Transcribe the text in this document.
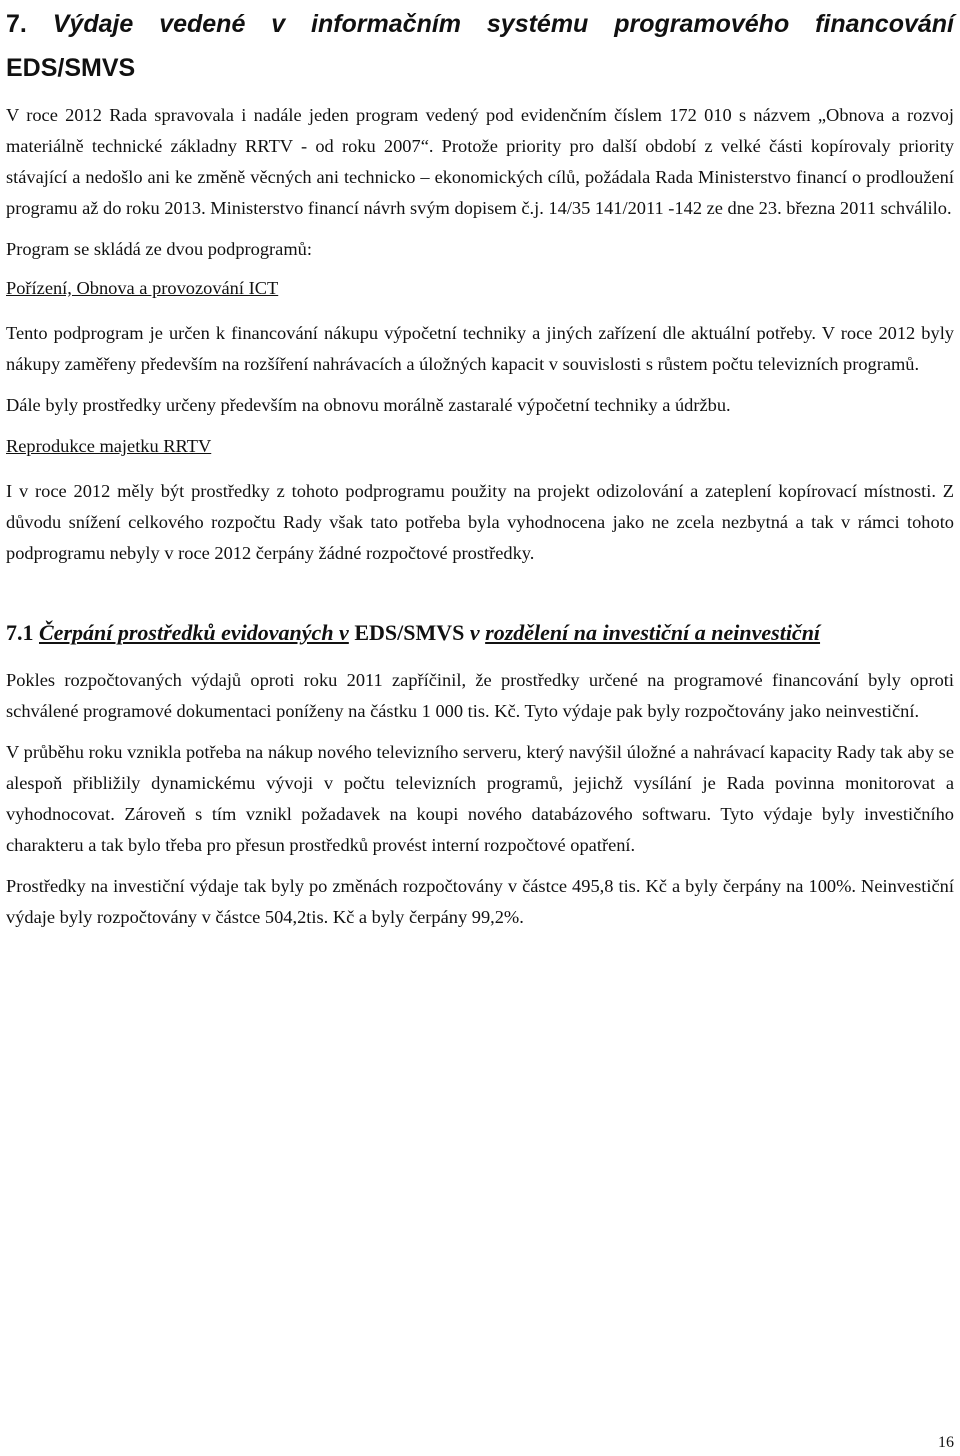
7. Výdaje vedené v informačním systému programového financování
EDS/SMVS

V roce 2012 Rada spravovala i nadále jeden program vedený pod evidenčním číslem 172 010 s názvem „Obnova a rozvoj materiálně technické základny RRTV - od roku 2007“. Protože priority pro další období z velké části kopírovaly priority stávající a nedošlo ani ke změně věcných ani technicko – ekonomických cílů, požádala Rada Ministerstvo financí o prodloužení programu až do roku 2013. Ministerstvo financí návrh svým dopisem č.j. 14/35 141/2011 -142 ze dne 23. března 2011 schválilo.

Program se skládá ze dvou podprogramů:

Pořízení, Obnova a provozování ICT

Tento podprogram je určen k financování nákupu výpočetní techniky a jiných zařízení dle aktuální potřeby. V roce 2012 byly nákupy zaměřeny především na rozšíření nahrávacích a úložných kapacit v souvislosti s růstem počtu televizních programů.

Dále byly prostředky určeny především na obnovu morálně zastaralé výpočetní techniky a údržbu.

Reprodukce majetku RRTV

I v roce 2012 měly být prostředky z tohoto podprogramu použity na projekt odizolování a zateplení kopírovací místnosti. Z důvodu snížení celkového rozpočtu Rady však tato potřeba byla vyhodnocena jako ne zcela nezbytná a tak v rámci tohoto podprogramu nebyly v roce 2012 čerpány žádné rozpočtové prostředky.

7.1 Čerpání prostředků evidovaných v EDS/SMVS v rozdělení na investiční a neinvestiční

Pokles rozpočtovaných výdajů oproti roku 2011 zapříčinil, že prostředky určené na programové financování byly oproti schválené programové dokumentaci poníženy na částku 1 000 tis. Kč. Tyto výdaje pak byly rozpočtovány jako neinvestiční.

V průběhu roku vznikla potřeba na nákup nového televizního serveru, který navýšil úložné a nahrávací kapacity Rady tak aby se alespoň přibližily dynamickému vývoji v počtu televizních programů, jejichž vysílání je Rada povinna monitorovat a vyhodnocovat. Zároveň s tím vznikl požadavek na koupi nového databázového softwaru. Tyto výdaje byly investičního charakteru a tak bylo třeba pro přesun prostředků provést interní rozpočtové opatření.

Prostředky na investiční výdaje tak byly po změnách rozpočtovány v částce 495,8 tis. Kč a byly čerpány na 100%. Neinvestiční výdaje byly rozpočtovány v částce 504,2tis. Kč a byly čerpány 99,2%.

16
